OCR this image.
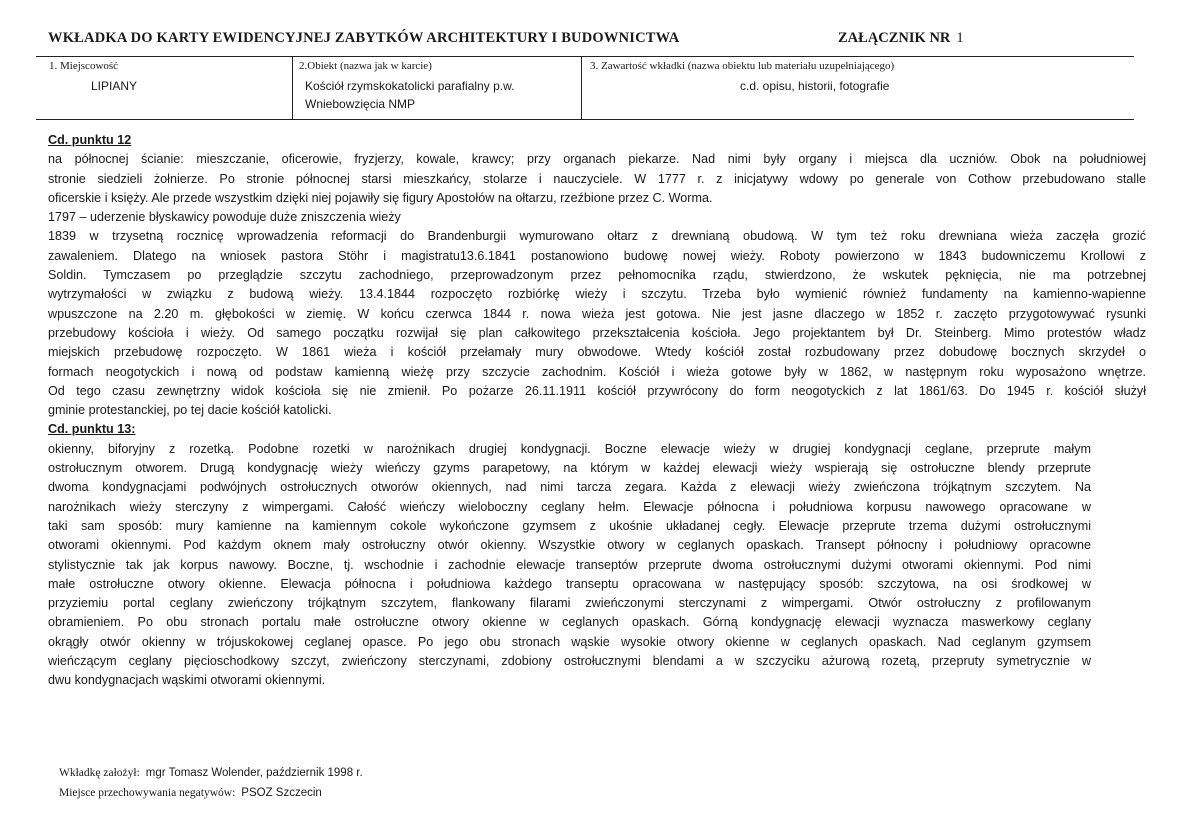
WKŁADKA DO KARTY EWIDENCYJNEJ ZABYTKÓW ARCHITEKTURY I BUDOWNICTWA	ZAŁĄCZNIK NR 1
1. Miejscowość
LIPIANY
2.Obiekt (nazwa jak w karcie)
Kościół rzymskokatolicki parafialny p.w.
Wniebowzięcia NMP
3. Zawartość wkładki (nazwa obiektu lub materiału uzupełniającego)
c.d. opisu, historii, fotografie
Cd. punktu 12
na północnej ścianie: mieszczanie, oficerowie, fryzjerzy, kowale, krawcy; przy organach piekarze. Nad nimi były organy i miejsca dla uczniów. Obok na południowej
stronie siedzieli żołnierze. Po stronie północnej starsi mieszkańcy, stolarze i nauczyciele. W 1777 r. z inicjatywy wdowy po generale von Cothow przebudowano stalle
oficerskie i księży. Ale przede wszystkim dzięki niej pojawiły się figury Apostołów na ołtarzu, rzeźbione przez C. Worma.
1797 – uderzenie błyskawicy powoduje duże zniszczenia wieży
1839 w trzysetną rocznicę wprowadzenia reformacji do Brandenburgii wymurowano ołtarz z drewnianą obudową. W tym też roku drewniana wieża zaczęła grozić
zawaleniem. Dlatego na wniosek pastora Stöhr i magistratu13.6.1841 postanowiono budowę nowej wieży. Roboty powierzono w 1843 budowniczemu Krollowi z
Soldin. Tymczasem po przeglądzie szczytu zachodniego, przeprowadzonym przez pełnomocnika rządu, stwierdzono, że wskutek pęknięcia, nie ma potrzebnej
wytrzymałości w związku z budową wieży. 13.4.1844 rozpoczęto rozbiórkę wieży i szczytu. Trzeba było wymienić również fundamenty na kamienno-wapienne
wpuszczone na 2.20 m. głębokości w ziemię. W końcu czerwca 1844 r. nowa wieża jest gotowa. Nie jest jasne dlaczego w 1852 r. zaczęto przygotowywać rysunki
przebudowy kościoła i wieży. Od samego początku rozwijał się plan całkowitego przekształcenia kościoła. Jego projektantem był Dr. Steinberg. Mimo protestów władz
miejskich przebudowę rozpoczęto. W 1861 wieża i kościół przełamały mury obwodowe. Wtedy kościół został rozbudowany przez dobudowę bocznych skrzydeł o
formach neogotyckich i nową od podstaw kamienną wieżę przy szczycie zachodnim. Kościół i wieża gotowe były w 1862, w następnym roku wyposażono wnętrze.
Od tego czasu zewnętrzny widok kościoła się nie zmienił. Po pożarze 26.11.1911 kościół przywrócony do form neogotyckich z lat 1861/63. Do 1945 r. kościół służył
gminie protestanckiej, po tej dacie kościół katolicki.
Cd. punktu 13:
okienny, biforyjny z rozetką. Podobne rozetki w narożnikach drugiej kondygnacji. Boczne elewacje wieży w drugiej kondygnacji ceglane, przeprute małym
ostrołucznym otworem. Drugą kondygnację wieży wieńczy gzyms parapetowy, na którym w każdej elewacji wieży wspierają się ostrołuczne blendy przeprute
dwoma kondygnacjami podwójnych ostrołucznych otworów okiennych, nad nimi tarcza zegara. Każda z elewacji wieży zwieńczona trójkątnym szczytem. Na
narożnikach wieży sterczyny z wimpergami. Całość wieńczy wieloboczny ceglany hełm. Elewacje północna i południowa korpusu nawowego opracowane w
taki sam sposób: mury kamienne na kamiennym cokole wykończone gzymsem z ukośnie układanej cegły. Elewacje przeprute trzema dużymi ostrołucznymi
otworami okiennymi. Pod każdym oknem mały ostrołuczny otwór okienny. Wszystkie otwory w ceglanych opaskach. Transept północny i południowy opracowne
stylistycznie tak jak korpus nawowy. Boczne, tj. wschodnie i zachodnie elewacje transeptów przeprute dwoma ostrołucznymi dużymi otworami okiennymi. Pod nimi
małe ostrołuczne otwory okienne. Elewacja północna i południowa każdego transeptu opracowana w następujący sposób: szczytowa, na osi środkowej w
przyziemiu portal ceglany zwieńczony trójkątnym szczytem, flankowany filarami zwieńczonymi sterczynami z wimpergami. Otwór ostrołuczny z profilowanym
obramieniem. Po obu stronach portalu małe ostrołuczne otwory okienne w ceglanych opaskach. Górną kondygnację elewacji wyznacza maswerkowy ceglany
okrągły otwór okienny w trójuskokowej ceglanej opasce. Po jego obu stronach wąskie wysokie otwory okienne w ceglanych opaskach. Nad ceglanym gzymsem
wieńczącym ceglany pięcioschodkowy szczyt, zwieńczony sterczynami, zdobiony ostrołucznymi blendami a w szczyciku ażurową rozetą, przepruty symetrycznie w
dwu kondygnacjach wąskimi otworami okiennymi.
Wkładkę założył: mgr Tomasz Wolender, październik 1998 r.
Miejsce przechowywania negatywów: PSOZ Szczecin
